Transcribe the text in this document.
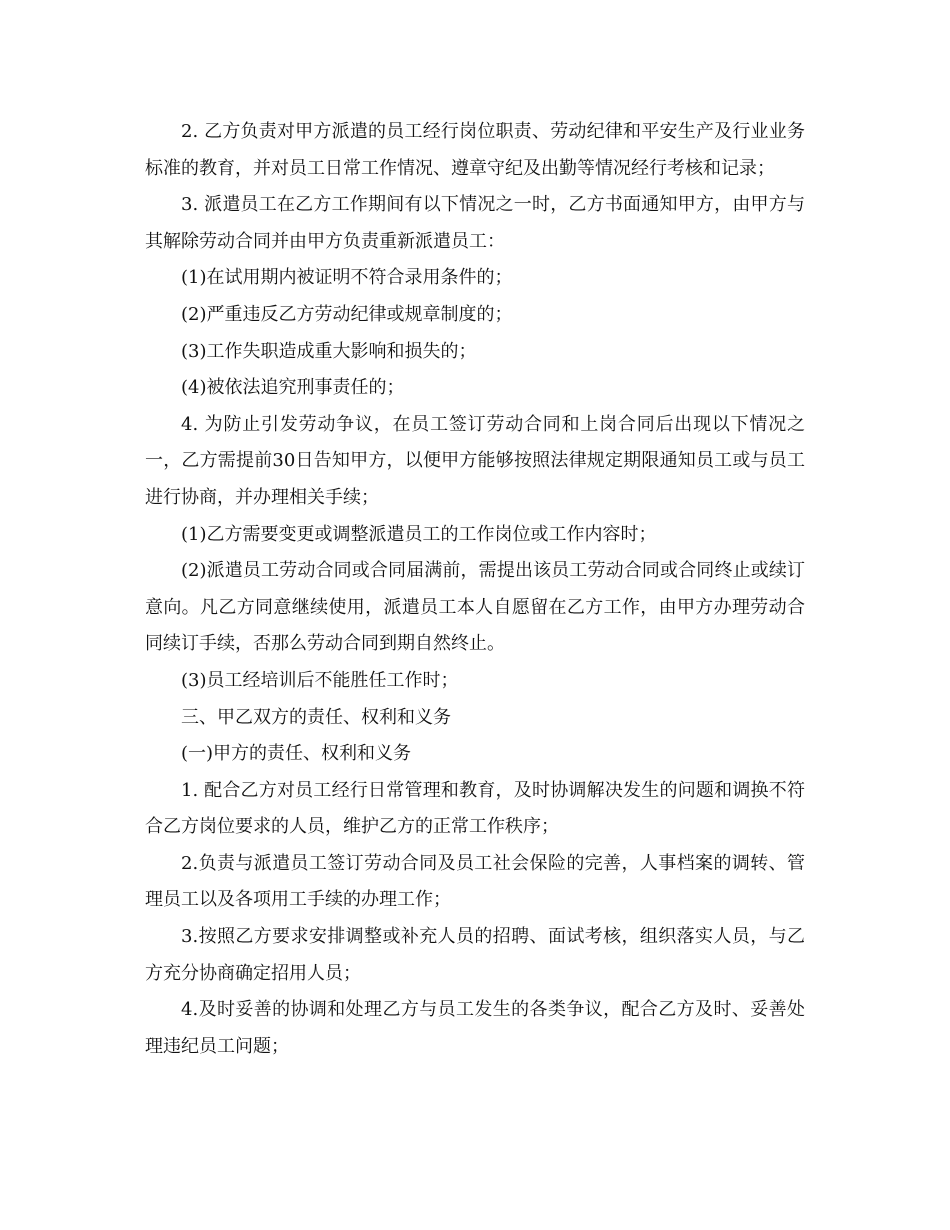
2. 乙方负责对甲方派遣的员工经行岗位职责、劳动纪律和平安生产及行业业务标准的教育，并对员工日常工作情况、遵章守纪及出勤等情况经行考核和记录；

3. 派遣员工在乙方工作期间有以下情况之一时，乙方书面通知甲方，由甲方与其解除劳动合同并由甲方负责重新派遣员工：

(1)在试用期内被证明不符合录用条件的；

(2)严重违反乙方劳动纪律或规章制度的；

(3)工作失职造成重大影响和损失的；

(4)被依法追究刑事责任的；

4. 为防止引发劳动争议，在员工签订劳动合同和上岗合同后出现以下情况之一，乙方需提前30日告知甲方，以便甲方能够按照法律规定期限通知员工或与员工进行协商，并办理相关手续；

(1)乙方需要变更或调整派遣员工的工作岗位或工作内容时；

(2)派遣员工劳动合同或合同届满前，需提出该员工劳动合同或合同终止或续订意向。凡乙方同意继续使用，派遣员工本人自愿留在乙方工作，由甲方办理劳动合同续订手续，否那么劳动合同到期自然终止。

(3)员工经培训后不能胜任工作时；

三、甲乙双方的责任、权利和义务

(一)甲方的责任、权利和义务

1. 配合乙方对员工经行日常管理和教育，及时协调解决发生的问题和调换不符合乙方岗位要求的人员，维护乙方的正常工作秩序；

2.负责与派遣员工签订劳动合同及员工社会保险的完善，人事档案的调转、管理员工以及各项用工手续的办理工作；

3.按照乙方要求安排调整或补充人员的招聘、面试考核，组织落实人员，与乙方充分协商确定招用人员；

4.及时妥善的协调和处理乙方与员工发生的各类争议，配合乙方及时、妥善处理违纪员工问题；
